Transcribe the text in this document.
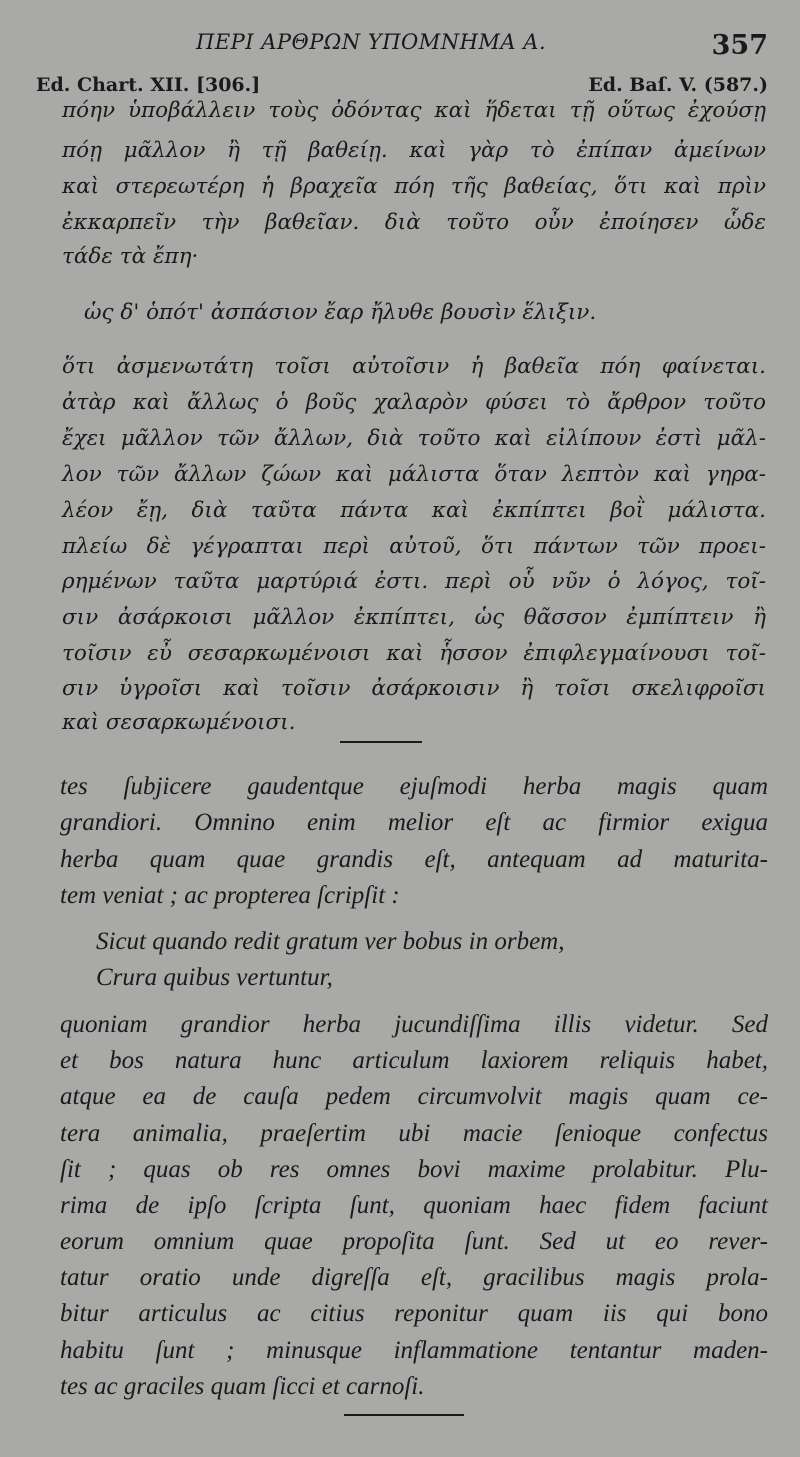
ΠΕΡΙ ΑΡΘΡΩΝ ΥΠΟΜΝΗΜΑ Α.	357
Ed. Chart. XII. [306.]	Ed. Baſ. V. (587.)
πόην ὑποβάλλειν τοὺς ὀδόντας καὶ ἥδεται τῇ οὕτως ἐχούσῃ
πόῃ μᾶλλον ἢ τῇ βαθείῃ. καὶ γὰρ τὸ ἐπίπαν ἀμείνων
καὶ στερεωτέρη ἡ βραχεῖα πόη τῆς βαθείας, ὅτι καὶ πρὶν
ἐκκαρπεῖν τὴν βαθεῖαν. διὰ τοῦτο οὖν ἐποίησεν ὧδε
τάδε τὰ ἔπη·
ὡς δ' ὁπότ' ἀσπάσιον ἔαρ ἤλυθε βουσὶν ἕλιξιν.
ὅτι ἀσμενωτάτη τοῖσι αὐτοῖσιν ἡ βαθεῖα πόη φαίνεται.
ἀτὰρ καὶ ἄλλως ὁ βοῦς χαλαρὸν φύσει τὸ ἄρθρον τοῦτο
ἔχει μᾶλλον τῶν ἄλλων, διὰ τοῦτο καὶ εἰλίπουν ἐστὶ μᾶλ-
λον τῶν ἄλλων ζώων καὶ μάλιστα ὅταν λεπτὸν καὶ γηρα-
λέον ἔῃ, διὰ ταῦτα πάντα καὶ ἐκπίπτει βοῒ μάλιστα.
πλείω δὲ γέγραπται περὶ αὐτοῦ, ὅτι πάντων τῶν προει-
ρημένων ταῦτα μαρτύριά ἐστι. περὶ οὗ νῦν ὁ λόγος, τοῖ-
σιν ἀσάρκοισι μᾶλλον ἐκπίπτει, ὡς θᾶσσον ἐμπίπτειν ἢ
τοῖσιν εὖ σεσαρκωμένοισι καὶ ἧσσον ἐπιφλεγμαίνουσι τοῖ-
σιν ὑγροῖσι καὶ τοῖσιν ἀσάρκοισιν ἢ τοῖσι σκελιφροῖσι
καὶ σεσαρκωμένοισι.
tes ſubjicere gaudentque ejuſmodi herba magis quam
grandiori. Omnino enim melior eſt ac firmior exigua
herba quam quae grandis eſt, antequam ad maturita-
tem veniat ; ac propterea ſcripſit :
Sicut quando redit gratum ver bobus in orbem,
Crura quibus vertuntur,
quoniam grandior herba jucundiſſima illis videtur. Sed
et bos natura hunc articulum laxiorem reliquis habet,
atque ea de cauſa pedem circumvolvit magis quam ce-
tera animalia, praeſertim ubi macie ſenioque confectus
ſit ; quas ob res omnes bovi maxime prolabitur. Plu-
rima de ipſo ſcripta ſunt, quoniam haec fidem faciunt
eorum omnium quae propoſita ſunt. Sed ut eo rever-
tatur oratio unde digreſſa eſt, gracilibus magis prola-
bitur articulus ac citius reponitur quam iis qui bono
habitu ſunt ; minusque inflammatione tentantur maden-
tes ac graciles quam ſicci et carnoſi.
